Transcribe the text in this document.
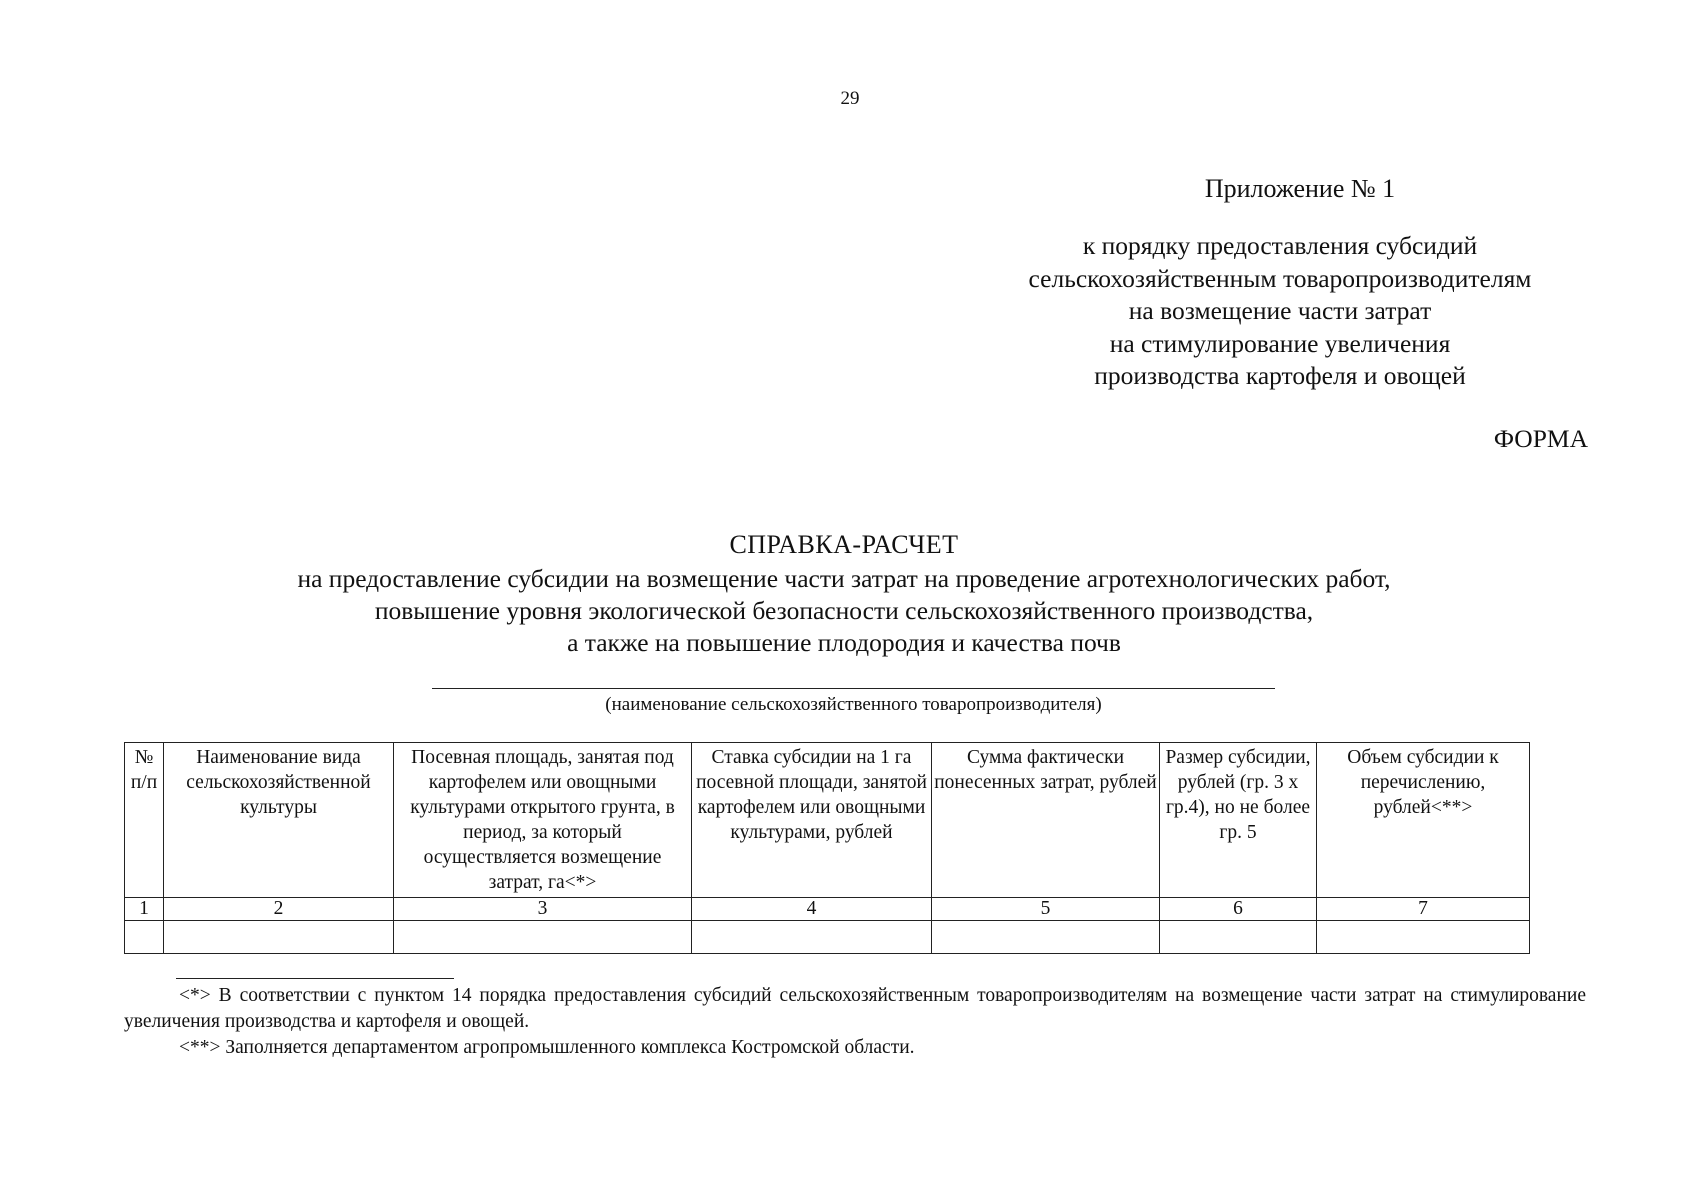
29
Приложение № 1
к порядку предоставления субсидий
сельскохозяйственным товаропроизводителям
на возмещение части затрат
на стимулирование увеличения
производства картофеля и овощей
ФОРМА
СПРАВКА-РАСЧЕТ
на предоставление субсидии на возмещение части затрат на проведение агротехнологических работ,
повышение уровня экологической безопасности сельскохозяйственного производства,
а также на повышение плодородия и качества почв
(наименование сельскохозяйственного товаропроизводителя)
№ п/п	Наименование вида сельскохозяйственной культуры	Посевная площадь, занятая под картофелем или овощными культурами открытого грунта, в период, за который осуществляется возмещение затрат, га<*>	Ставка субсидии на 1 га посевной площади, занятой картофелем или овощными культурами, рублей	Сумма фактически понесенных затрат, рублей	Размер субсидии, рублей (гр. 3 х гр.4), но не более гр. 5	Объем субсидии к перечислению, рублей<**>
1	2	3	4	5	6	7

<*> В соответствии с пунктом 14 порядка предоставления субсидий сельскохозяйственным товаропроизводителям на возмещение части затрат на стимулирование увеличения производства и картофеля и овощей.

<**> Заполняется департаментом агропромышленного комплекса Костромской области.
